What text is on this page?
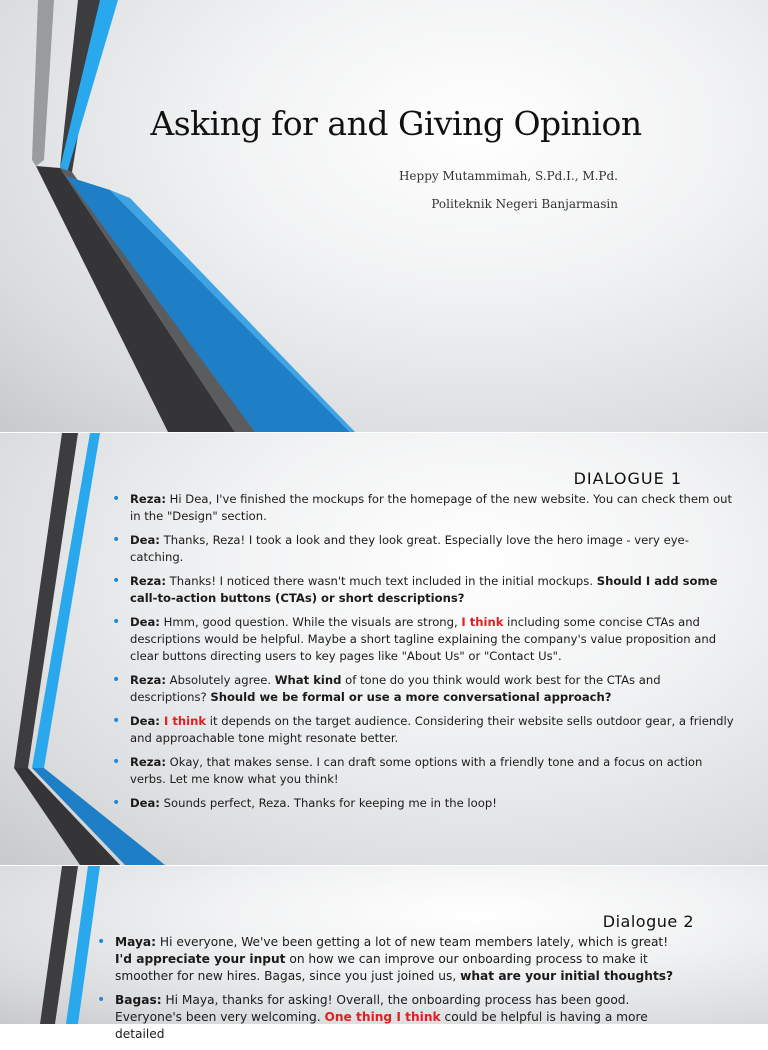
Asking for and Giving Opinion
Heppy Mutammimah, S.Pd.I., M.Pd.
Politeknik Negeri Banjarmasin
DIALOGUE 1
• Reza: Hi Dea, I've finished the mockups for the homepage of the new website. You can check them out in the "Design" section.
• Dea: Thanks, Reza! I took a look and they look great. Especially love the hero image - very eye-catching.
• Reza: Thanks! I noticed there wasn't much text included in the initial mockups. Should I add some call-to-action buttons (CTAs) or short descriptions?
• Dea: Hmm, good question. While the visuals are strong, I think including some concise CTAs and descriptions would be helpful. Maybe a short tagline explaining the company's value proposition and clear buttons directing users to key pages like "About Us" or "Contact Us".
• Reza: Absolutely agree. What kind of tone do you think would work best for the CTAs and descriptions? Should we be formal or use a more conversational approach?
• Dea: I think it depends on the target audience. Considering their website sells outdoor gear, a friendly and approachable tone might resonate better.
• Reza: Okay, that makes sense. I can draft some options with a friendly tone and a focus on action verbs. Let me know what you think!
• Dea: Sounds perfect, Reza. Thanks for keeping me in the loop!
Dialogue 2
• Maya: Hi everyone, We've been getting a lot of new team members lately, which is great! I'd appreciate your input on how we can improve our onboarding process to make it smoother for new hires. Bagas, since you just joined us, what are your initial thoughts?
• Bagas: Hi Maya, thanks for asking! Overall, the onboarding process has been good. Everyone's been very welcoming. One thing I think could be helpful is having a more detailed
